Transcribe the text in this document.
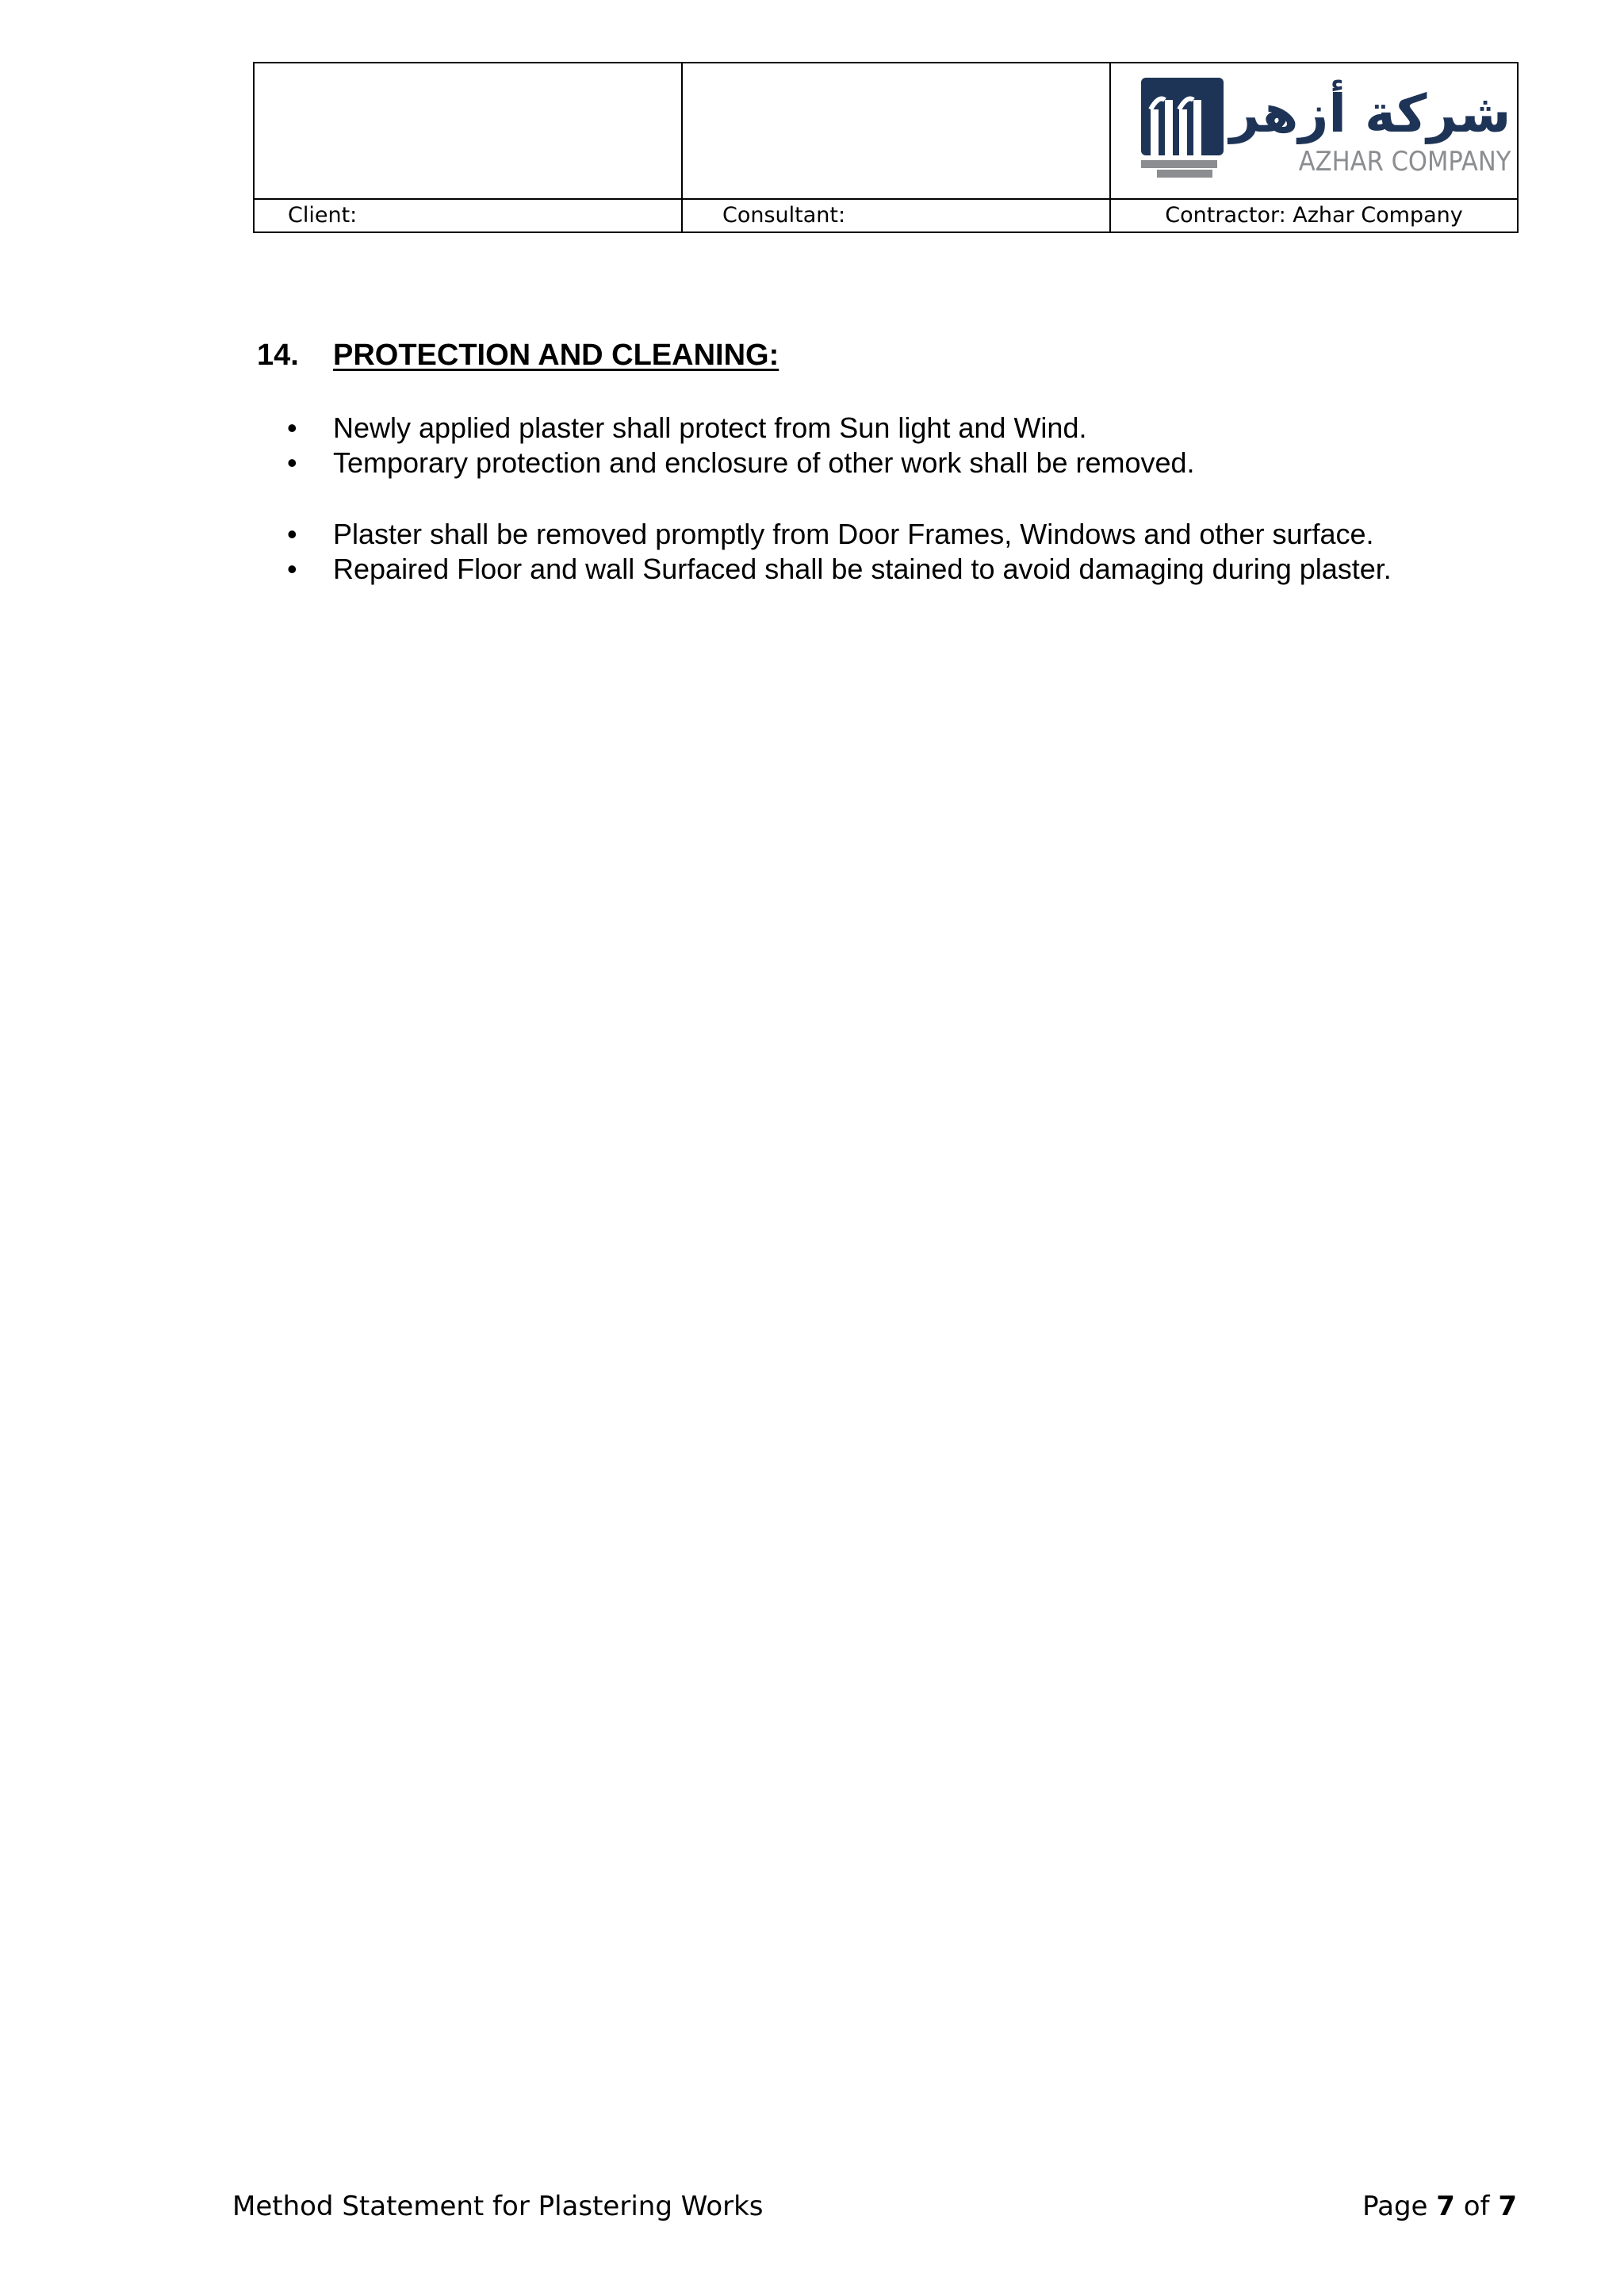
		شركة أزهر
AZHAR COMPANY

Client:	Consultant:	Contractor: Azhar Company
14.	PROTECTION AND CLEANING:
• Newly applied plaster shall protect from Sun light and Wind.
• Temporary protection and enclosure of other work shall be removed.
• Plaster shall be removed promptly from Door Frames, Windows and other surface.
• Repaired Floor and wall Surfaced shall be stained to avoid damaging during plaster.
Method Statement for Plastering Works	Page 7 of 7
